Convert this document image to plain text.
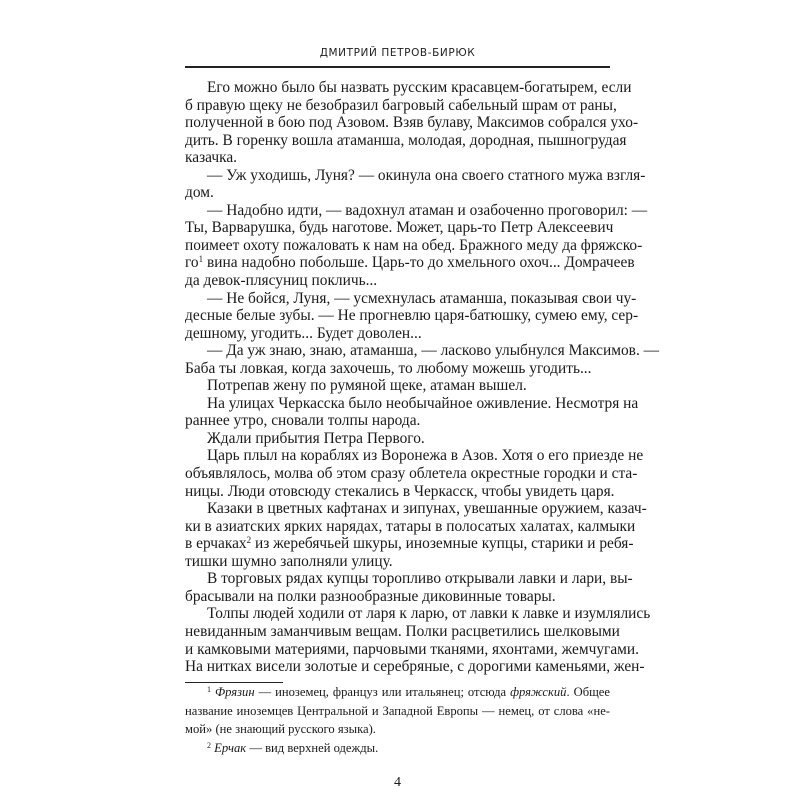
ДМИТРИЙ ПЕТРОВ-БИРЮК
Его можно было бы назвать русским красавцем-богатырем, если
б правую щеку не безобразил багровый сабельный шрам от раны,
полученной в бою под Азовом. Взяв булаву, Максимов собрался ухо-
дить. В горенку вошла атаманша, молодая, дородная, пышногрудая
казачка.
— Уж уходишь, Луня? — окинула она своего статного мужа взгля-
дом.
— Надобно идти, — вадохнул атаман и озабоченно проговорил: —
Ты, Варварушка, будь наготове. Может, царь-то Петр Алексеевич
поимеет охоту пожаловать к нам на обед. Бражного меду да фряжско-
$го^1$ вина надобно побольше. Царь-то до хмельного охоч... Домрачеев
да девок-плясуниц покличь...
— Не бойся, Луня, — усмехнулась атаманша, показывая свои чу-
десные белые зубы. — Не прогневлю царя-батюшку, сумею ему, сер-
дешному, угодить... Будет доволен...
— Да уж знаю, знаю, атаманша, — ласково улыбнулся Максимов. —
Баба ты ловкая, когда захочешь, то любому можешь угодить...
Потрепав жену по румяной щеке, атаман вышел.
На улицах Черкасска было необычайное оживление. Несмотря на
раннее утро, сновали толпы народа.
Ждали прибытия Петра Первого.
Царь плыл на кораблях из Воронежа в Азов. Хотя о его приезде не
объявлялось, молва об этом сразу облетела окрестные городки и ста-
ницы. Люди отовсюду стекались в Черкасск, чтобы увидеть царя.
Казаки в цветных кафтанах и зипунах, увешанные оружием, казач-
ки в азиатских ярких нарядах, татары в полосатых халатах, калмыки
в ерчаках$^2$ из жеребячьей шкуры, иноземные купцы, старики и ребя-
тишки шумно заполняли улицу.
В торговых рядах купцы торопливо открывали лавки и лари, вы-
брасывали на полки разнообразные диковинные товары.
Толпы людей ходили от ларя к ларю, от лавки к лавке и изумлялись
невиданным заманчивым вещам. Полки расцветились шелковыми
и камковыми материями, парчовыми тканями, яхонтами, жемчугами.
На нитках висели золотые и серебряные, с дорогими каменьями, жен-
$^1$ Фрязин — иноземец, француз или итальянец; отсюда фряжский. Общее
название иноземцев Центральной и Западной Европы — немец, от слова «не-
мой» (не знающий русского языка).
$^2$ Ерчак — вид верхней одежды.
4
